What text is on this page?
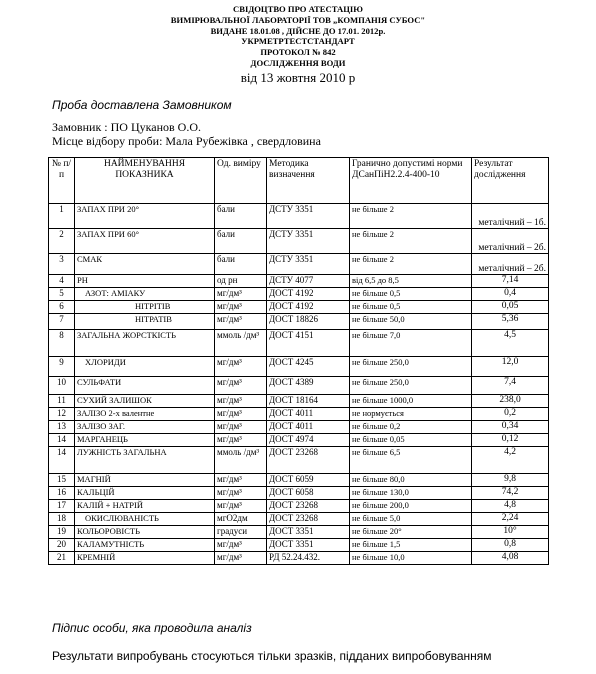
СВІДОЦТВО ПРО АТЕСТАЦІЮ
ВИМІРЮВАЛЬНОЇ ЛАБОРАТОРІЇ ТОВ „КОМПАНІЯ СУБОС"
ВИДАНЕ 18.01.08 , ДІЙСНЕ ДО 17.01. 2012р.
УКРМЕТРТЕСТСТАНДАРТ
ПРОТОКОЛ № 842
ДОСЛІДЖЕННЯ ВОДИ
від 13 жовтня 2010 р
Проба доставлена Замовником
Замовник : ПО Цуканов О.О.
Місце відбору проби: Мала Рубежівка , свердловина
№ п/п	НАЙМЕНУВАННЯ ПОКАЗНИКА	Од. виміру	Методика визначення	Гранично допустимі норми ДСанПіН2.2.4-400-10	Результат дослідження
1	ЗАПАХ ПРИ 20°	бали	ДСТУ 3351	не більше 2	металічний – 1б.
2	ЗАПАХ ПРИ 60°	бали	ДСТУ 3351	не більше 2	металічний – 2б.
3	СМАК	бали	ДСТУ 3351	не більше 2	металічний – 2б.
4	РН	од рн	ДСТУ 4077	від 6,5 до 8,5	7,14
5	АЗОТ: АМІАКУ	мг/дм³	ДОСТ 4192	не більше 0,5	0,4
6	НІТРІТІВ	мг/дм³	ДОСТ 4192	не більше 0,5	0,05
7	НІТРАТІВ	мг/дм³	ДОСТ 18826	не більше 50,0	5,36
8	ЗАГАЛЬНА ЖОРСТКІСТЬ	ммоль /дм³	ДОСТ 4151	не більше 7,0	4,5
9	ХЛОРИДИ	мг/дм³	ДОСТ 4245	не більше 250,0	12,0
10	СУЛЬФАТИ	мг/дм³	ДОСТ 4389	не більше 250,0	7,4
11	СУХИЙ ЗАЛИШОК	мг/дм³	ДОСТ 18164	не більше 1000,0	238,0
12	ЗАЛІЗО 2-х валентне	мг/дм³	ДОСТ 4011	не нормується	0,2
13	ЗАЛІЗО ЗАГ.	мг/дм³	ДОСТ 4011	не більше 0,2	0,34
14	МАРГАНЕЦЬ	мг/дм³	ДОСТ 4974	не більше 0,05	0,12
14	ЛУЖНІСТЬ ЗАГАЛЬНА	ммоль /дм³	ДОСТ 23268	не більше 6,5	4,2
15	МАГНІЙ	мг/дм³	ДОСТ 6059	не більше 80,0	9,8
16	КАЛЬЦІЙ	мг/дм³	ДОСТ 6058	не більше 130,0	74,2
17	КАЛІЙ + НАТРІЙ	мг/дм³	ДОСТ 23268	не більше 200,0	4,8
18	ОКИСЛЮВАНІСТЬ	мгО2дм	ДОСТ 23268	не більше 5,0	2,24
19	КОЛЬОРОВІСТЬ	градуси	ДОСТ 3351	не більше 20°	10°
20	КАЛАМУТНІСТЬ	мг/дм³	ДОСТ 3351	не більше 1,5	0,8
21	КРЕМНІЙ	мг/дм³	РД 52.24.432.	не більше 10,0	4,08
Підпис особи, яка проводила аналіз
Результати випробувань стосуються тільки зразків, підданих випробовуванням
